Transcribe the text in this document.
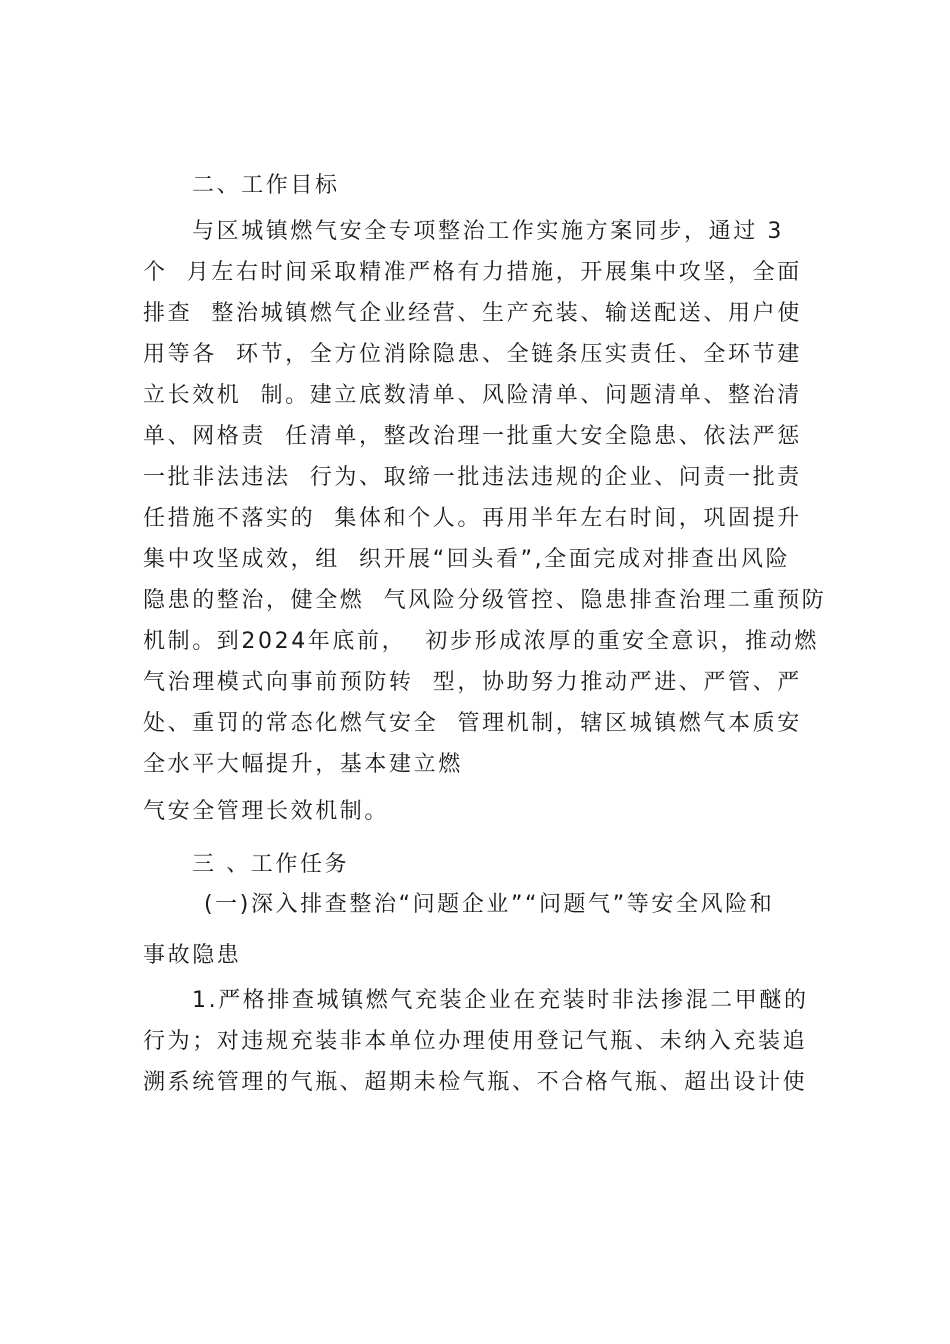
二、工作目标
与区城镇燃气安全专项整治工作实施方案同步，通过 3
个  月左右时间采取精准严格有力措施，开展集中攻坚，全面
排查  整治城镇燃气企业经营、生产充装、输送配送、用户使
用等各  环节，全方位消除隐患、全链条压实责任、全环节建
立长效机  制。建立底数清单、风险清单、问题清单、整治清
单、网格责  任清单，整改治理一批重大安全隐患、依法严惩
一批非法违法  行为、取缔一批违法违规的企业、问责一批责
任措施不落实的  集体和个人。再用半年左右时间，巩固提升
集中攻坚成效，组  织开展“回头看”,全面完成对排查出风险
隐患的整治，健全燃  气风险分级管控、隐患排查治理二重预防
机制。到2024年底前，  初步形成浓厚的重安全意识，推动燃
气治理模式向事前预防转  型，协助努力推动严进、严管、严
处、重罚的常态化燃气安全  管理机制，辖区城镇燃气本质安
全水平大幅提升，基本建立燃
气安全管理长效机制。
三 、工作任务
(一)深入排查整治“问题企业”“问题气”等安全风险和
事故隐患
1.严格排查城镇燃气充装企业在充装时非法掺混二甲醚的
行为；对违规充装非本单位办理使用登记气瓶、未纳入充装追
溯系统管理的气瓶、超期未检气瓶、不合格气瓶、超出设计使
